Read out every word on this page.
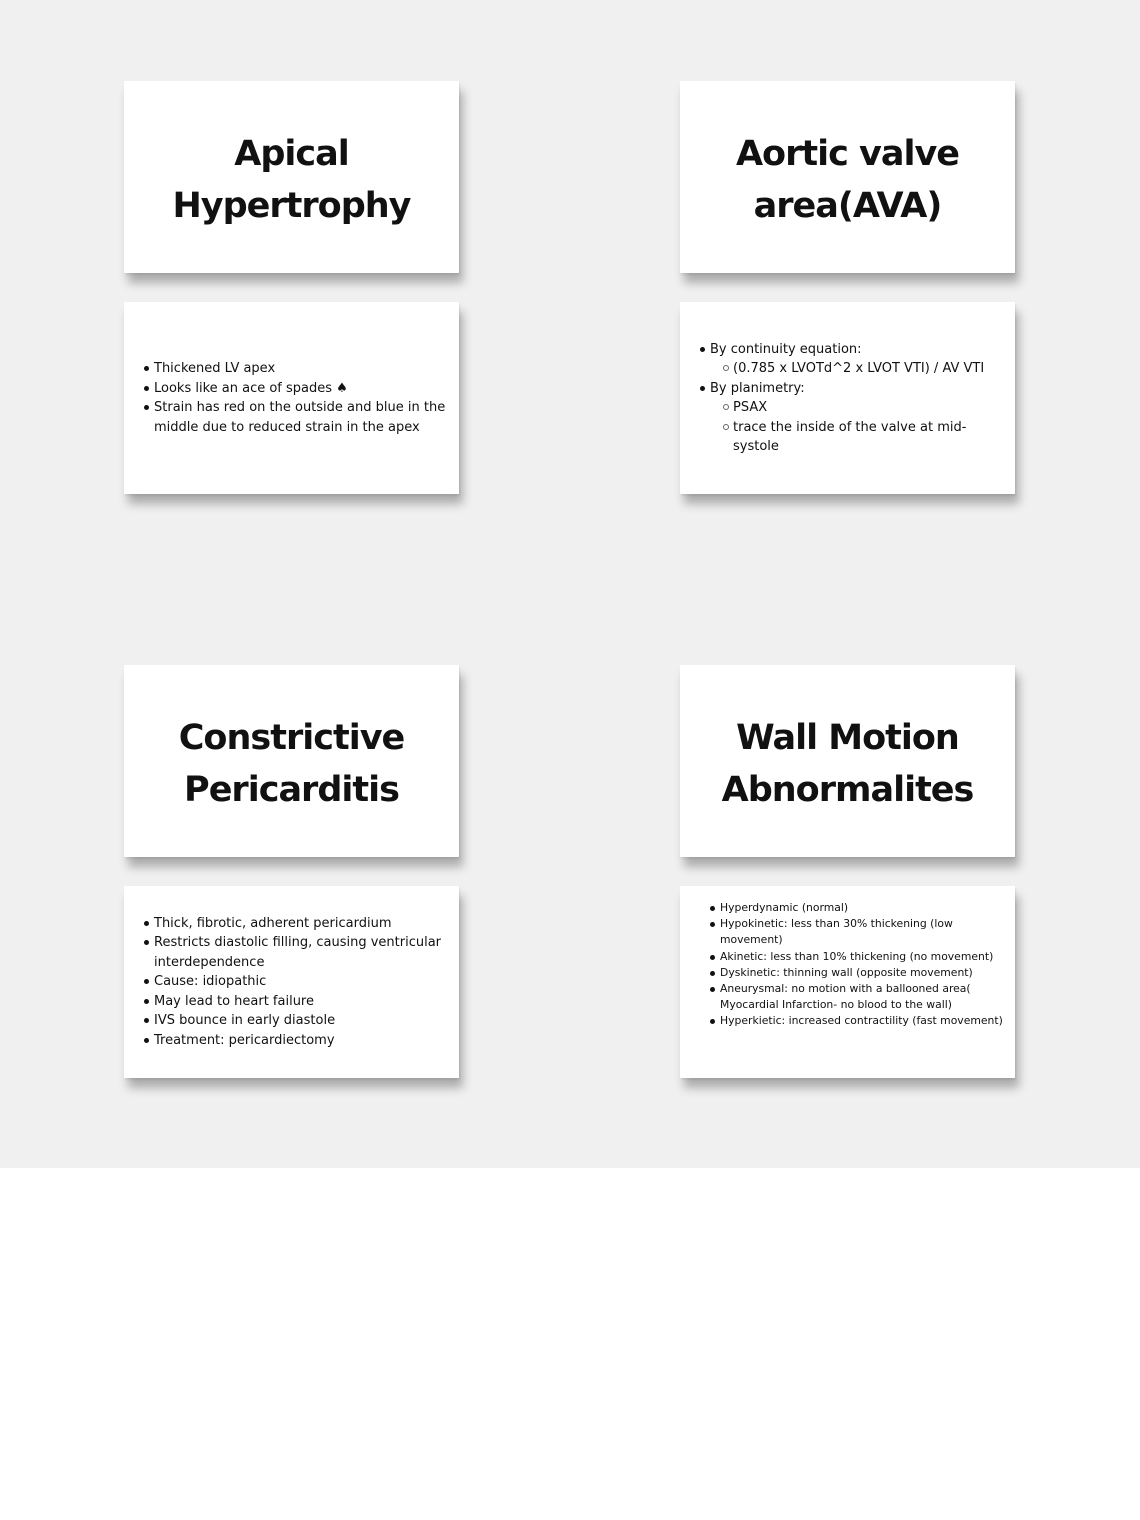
Apical
Hypertrophy
Thickened LV apex
Looks like an ace of spades ♠
Strain has red on the outside and blue in the middle due to reduced strain in the apex
Aortic valve
area(AVA)
By continuity equation:
(0.785 x LVOTd^2 x LVOT VTI) / AV VTI
By planimetry:
PSAX
trace the inside of the valve at mid-systole
Constrictive
Pericarditis
Thick, fibrotic, adherent pericardium
Restricts diastolic filling, causing ventricular interdependence
Cause: idiopathic
May lead to heart failure
IVS bounce in early diastole
Treatment: pericardiectomy
Wall Motion
Abnormalites
Hyperdynamic (normal)
Hypokinetic: less than 30% thickening (low movement)
Akinetic: less than 10% thickening (no movement)
Dyskinetic: thinning wall (opposite movement)
Aneurysmal: no motion with a ballooned area( Myocardial Infarction- no blood to the wall)
Hyperkietic: increased contractility (fast movement)
